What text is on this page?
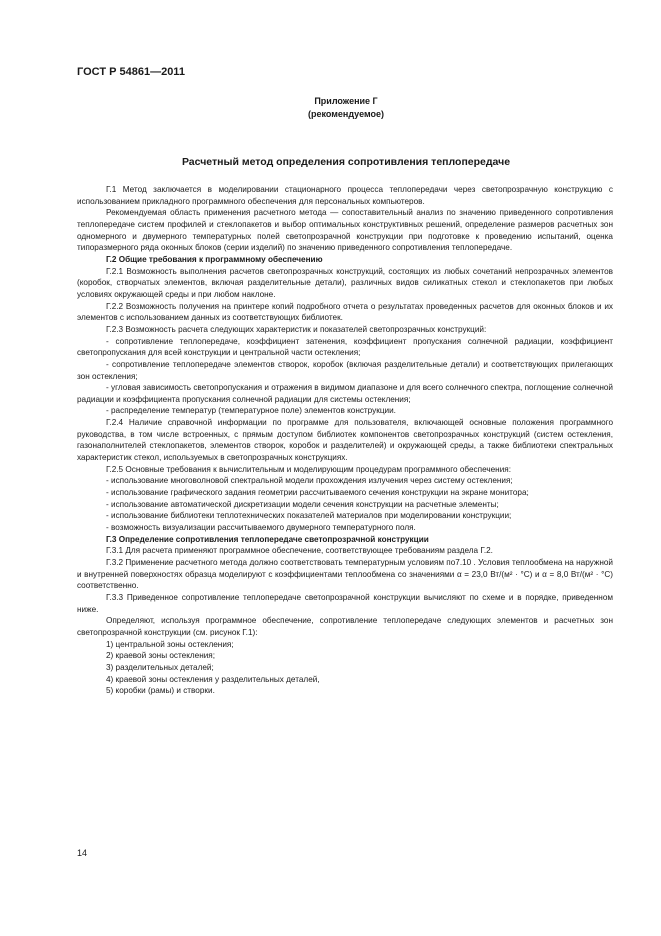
ГОСТ Р 54861—2011
Приложение Г
(рекомендуемое)
Расчетный метод определения сопротивления теплопередаче

Г.1 Метод заключается в моделировании стационарного процесса теплопередачи через светопрозрачную конструкцию с использованием прикладного программного обеспечения для персональных компьютеров.

Рекомендуемая область применения расчетного метода — сопоставительный анализ по значению приведенного сопротивления теплопередаче систем профилей и стеклопакетов и выбор оптимальных конструктивных решений, определение размеров расчетных зон одномерного и двумерного температурных полей светопрозрачной конструкции при подготовке к проведению испытаний, оценка типоразмерного ряда оконных блоков (серии изделий) по значению приведенного сопротивления теплопередаче.

Г.2 Общие требования к программному обеспечению

Г.2.1 Возможность выполнения расчетов светопрозрачных конструкций, состоящих из любых сочетаний непрозрачных элементов (коробок, створчатых элементов, включая разделительные детали), различных видов силикатных стекол и стеклопакетов при любых условиях окружающей среды и при любом наклоне.

Г.2.2 Возможность получения на принтере копий подробного отчета о результатах проведенных расчетов для оконных блоков и их элементов с использованием данных из соответствующих библиотек.

Г.2.3 Возможность расчета следующих характеристик и показателей светопрозрачных конструкций:

- сопротивление теплопередаче, коэффициент затенения, коэффициент пропускания солнечной радиации, коэффициент светопропускания для всей конструкции и центральной части остекления;

- сопротивление теплопередаче элементов створок, коробок (включая разделительные детали) и соответствующих прилегающих зон остекления;

- угловая зависимость светопропускания и отражения в видимом диапазоне и для всего солнечного спектра, поглощение солнечной радиации и коэффициента пропускания солнечной радиации для системы остекления;

- распределение температур (температурное поле) элементов конструкции.

Г.2.4 Наличие справочной информации по программе для пользователя, включающей основные положения программного руководства, в том числе встроенных, с прямым доступом библиотек компонентов светопрозрачных конструкций (систем остекления, газонаполнителей стеклопакетов, элементов створок, коробок и разделителей) и окружающей среды, а также библиотеки спектральных характеристик стекол, используемых в светопрозрачных конструкциях.

Г.2.5 Основные требования к вычислительным и моделирующим процедурам программного обеспечения:

- использование многоволновой спектральной модели прохождения излучения через систему остекления;

- использование графического задания геометрии рассчитываемого сечения конструкции на экране монитора;

- использование автоматической дискретизации модели сечения конструкции на расчетные элементы;

- использование библиотеки теплотехнических показателей материалов при моделировании конструкции;

- возможность визуализации рассчитываемого двумерного температурного поля.

Г.3 Определение сопротивления теплопередаче светопрозрачной конструкции

Г.3.1 Для расчета применяют программное обеспечение, соответствующее требованиям раздела Г.2.

Г.3.2 Применение расчетного метода должно соответствовать температурным условиям по7.10 . Условия теплообмена на наружной и внутренней поверхностях образца моделируют с коэффициентами теплообмена со значениями α = 23,0 Вт/(м² · °С) и α = 8,0 Вт/(м² · °С) соответственно.

Г.3.3 Приведенное сопротивление теплопередаче светопрозрачной конструкции вычисляют по схеме и в порядке, приведенном ниже.

Определяют, используя программное обеспечение, сопротивление теплопередаче следующих элементов и расчетных зон светопрозрачной конструкции (см. рисунок Г.1):

1) центральной зоны остекления;

2) краевой зоны остекления;

3) разделительных деталей;

4) краевой зоны остекления у разделительных деталей,

5) коробки (рамы) и створки.

14
